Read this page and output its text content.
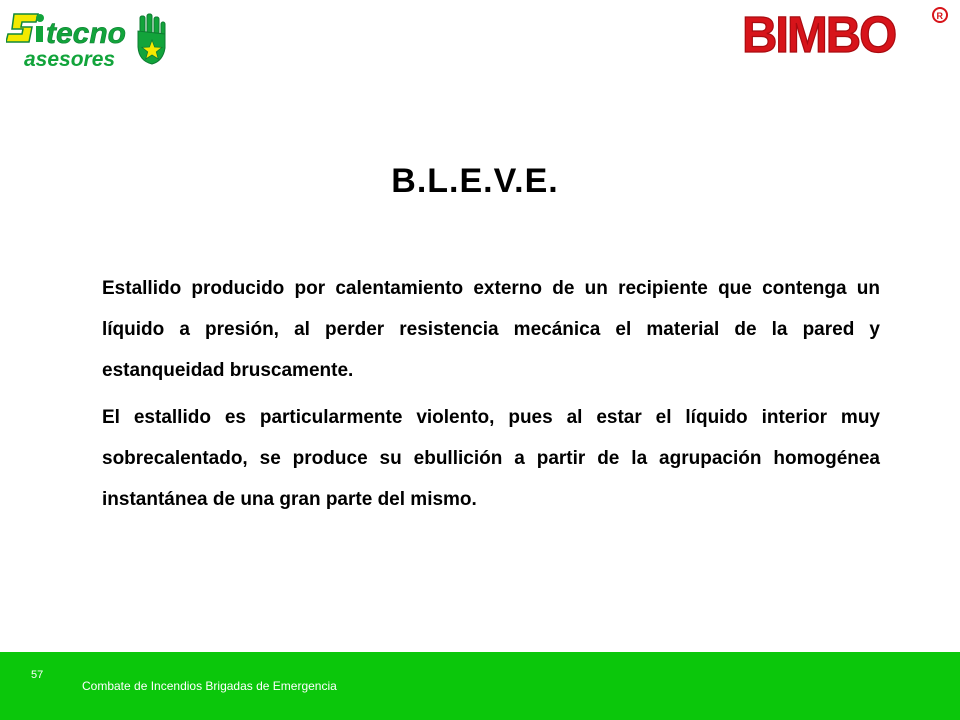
tecno
asesores	BIMBO	R
B.L.E.V.E.

Estallido producido por calentamiento externo de un recipiente que contenga un líquido a presión, al perder resistencia mecánica el material de la pared y estanqueidad bruscamente.

El estallido es particularmente violento, pues al estar el líquido interior muy sobrecalentado, se produce su ebullición a partir de la agrupación homogénea instantánea de una gran parte del mismo.

57
Combate de Incendios Brigadas de Emergencia
